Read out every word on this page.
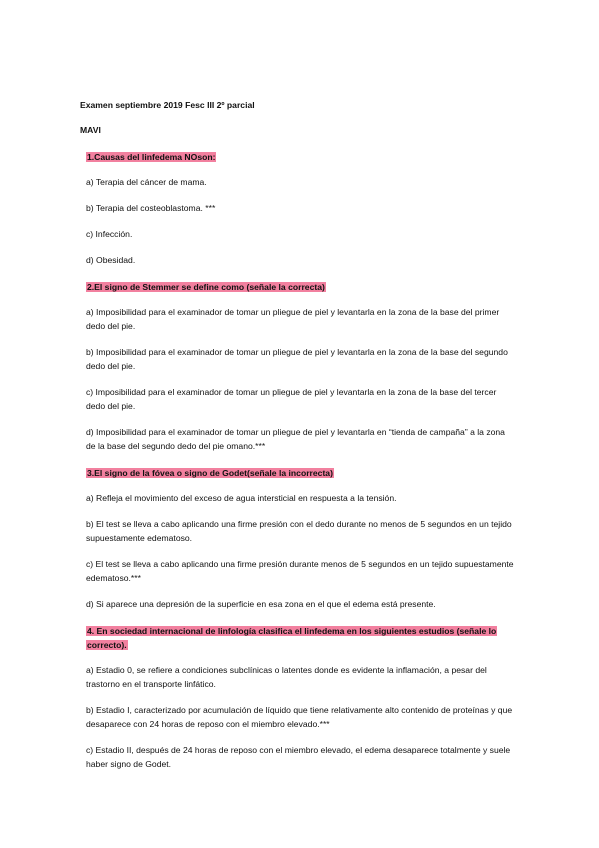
Examen septiembre 2019 Fesc III 2º parcial
MAVI
1.Causas del linfedema NOson:
a) Terapia del cáncer de mama.
b) Terapia del costeoblastoma. ***
c) Infección.
d) Obesidad.
2.El signo de Stemmer se define como (señale la correcta)
a) Imposibilidad para el examinador de tomar un pliegue de piel y levantarla en la zona de la base del primer dedo del pie.
b) Imposibilidad para el examinador de tomar un pliegue de piel y levantarla en la zona de la base del segundo dedo del pie.
c) Imposibilidad para el examinador de tomar un pliegue de piel y levantarla en la zona de la base del tercer dedo del pie.
d) Imposibilidad para el examinador de tomar un pliegue de piel y levantarla en “tienda de campaña” a la zona de la base del segundo dedo del pie omano.***
3.El signo de la fóvea o signo de Godet(señale la incorrecta)
a) Refleja el movimiento del exceso de agua intersticial en respuesta a la tensión.
b) El test se lleva a cabo aplicando una firme presión con el dedo durante no menos de 5 segundos en un tejido supuestamente edematoso.
c) El test se lleva a cabo aplicando una firme presión durante menos de 5 segundos en un tejido supuestamente edematoso.***
d) Si aparece una depresión de la superficie en esa zona en el que el edema está presente.
4. En sociedad internacional de linfología clasifica el linfedema en los siguientes estudios (señale lo correcto).
a) Estadio 0, se refiere a condiciones subclínicas o latentes donde es evidente la inflamación, a pesar del trastorno en el transporte linfático.
b) Estadio I, caracterizado por acumulación de líquido que tiene relativamente alto contenido de proteínas y que desaparece con 24 horas de reposo con el miembro elevado.***
c) Estadio II, después de 24 horas de reposo con el miembro elevado, el edema desaparece totalmente y suele haber signo de Godet.
